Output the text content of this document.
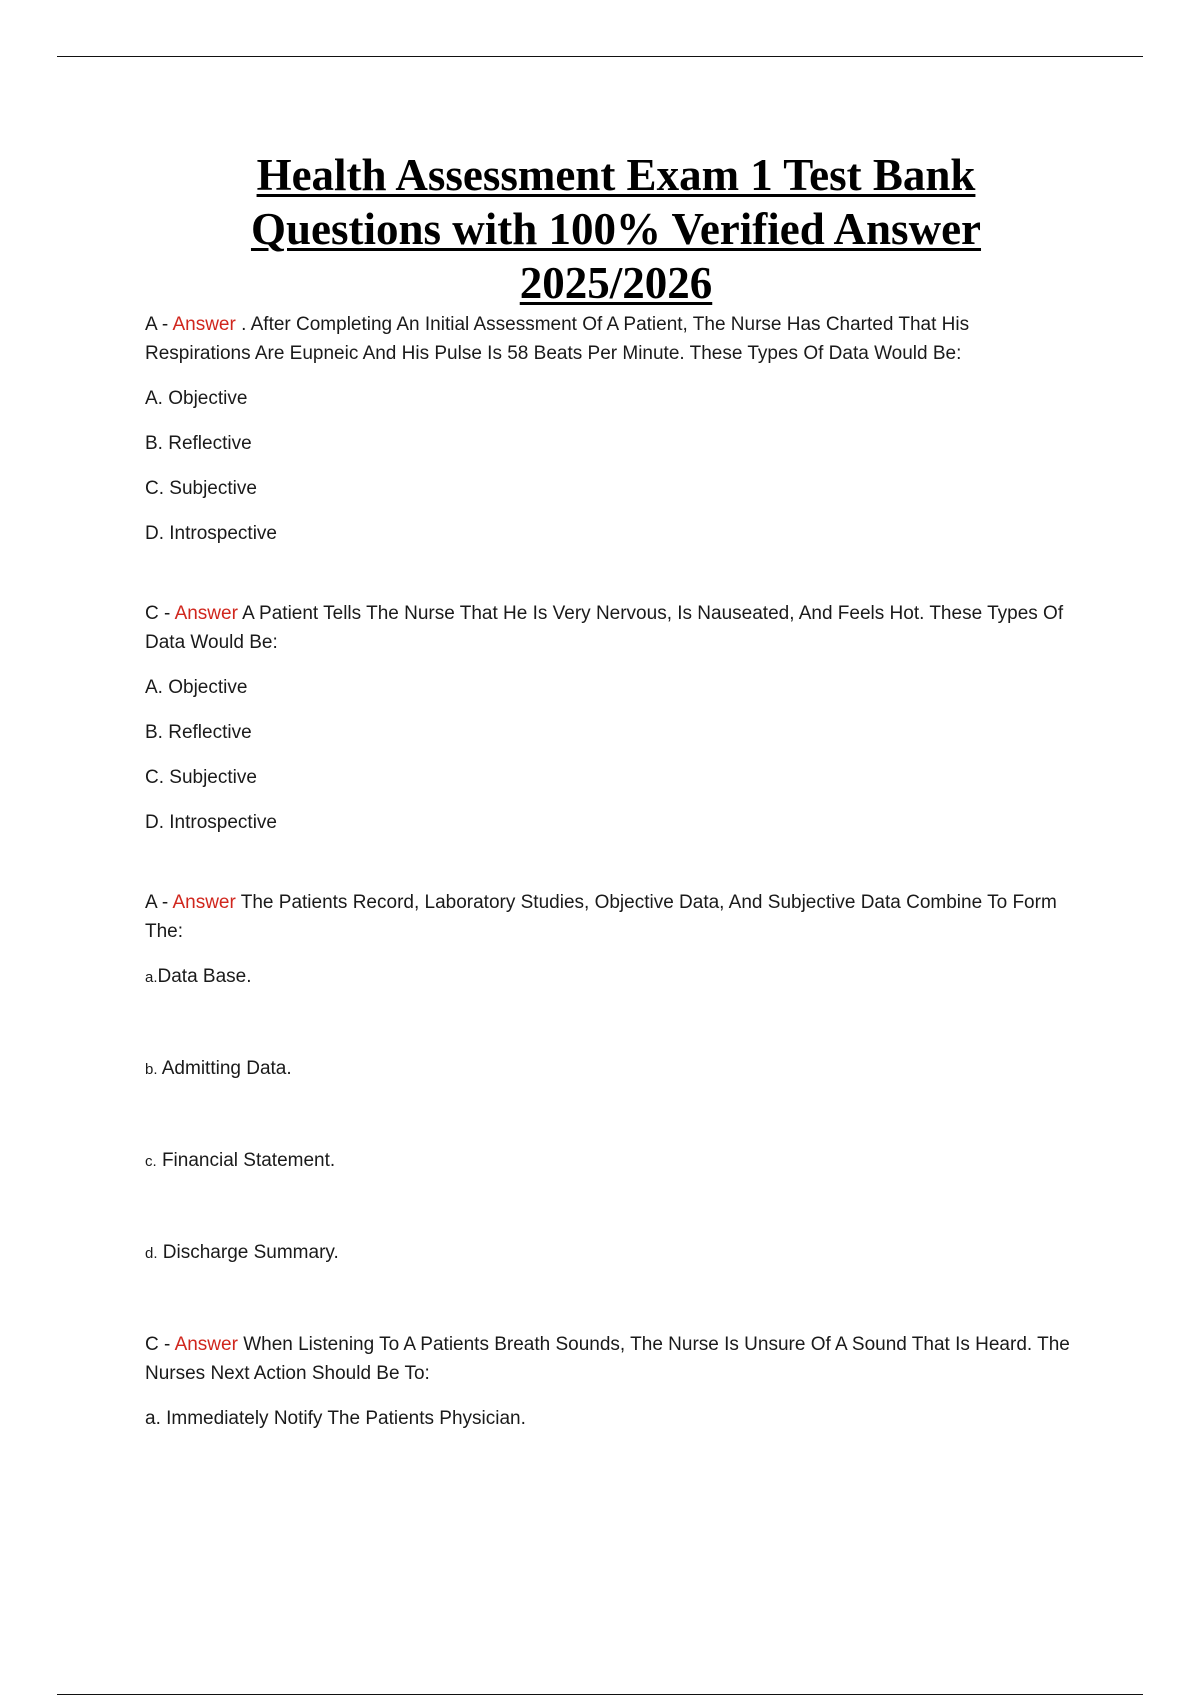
Health Assessment Exam 1 Test Bank
Questions with 100% Verified Answer
2025/2026

A - Answer . After Completing An Initial Assessment Of A Patient, The Nurse Has Charted That His Respirations Are Eupneic And His Pulse Is 58 Beats Per Minute. These Types Of Data Would Be:

A. Objective

B. Reflective

C. Subjective

D. Introspective

C - Answer A Patient Tells The Nurse That He Is Very Nervous, Is Nauseated, And Feels Hot. These Types Of Data Would Be:

A. Objective

B. Reflective

C. Subjective

D. Introspective

A - Answer The Patients Record, Laboratory Studies, Objective Data, And Subjective Data Combine To Form The:

a.Data Base.

b. Admitting Data.

c. Financial Statement.

d. Discharge Summary.

C - Answer When Listening To A Patients Breath Sounds, The Nurse Is Unsure Of A Sound That Is Heard. The Nurses Next Action Should Be To:

a. Immediately Notify The Patients Physician.
